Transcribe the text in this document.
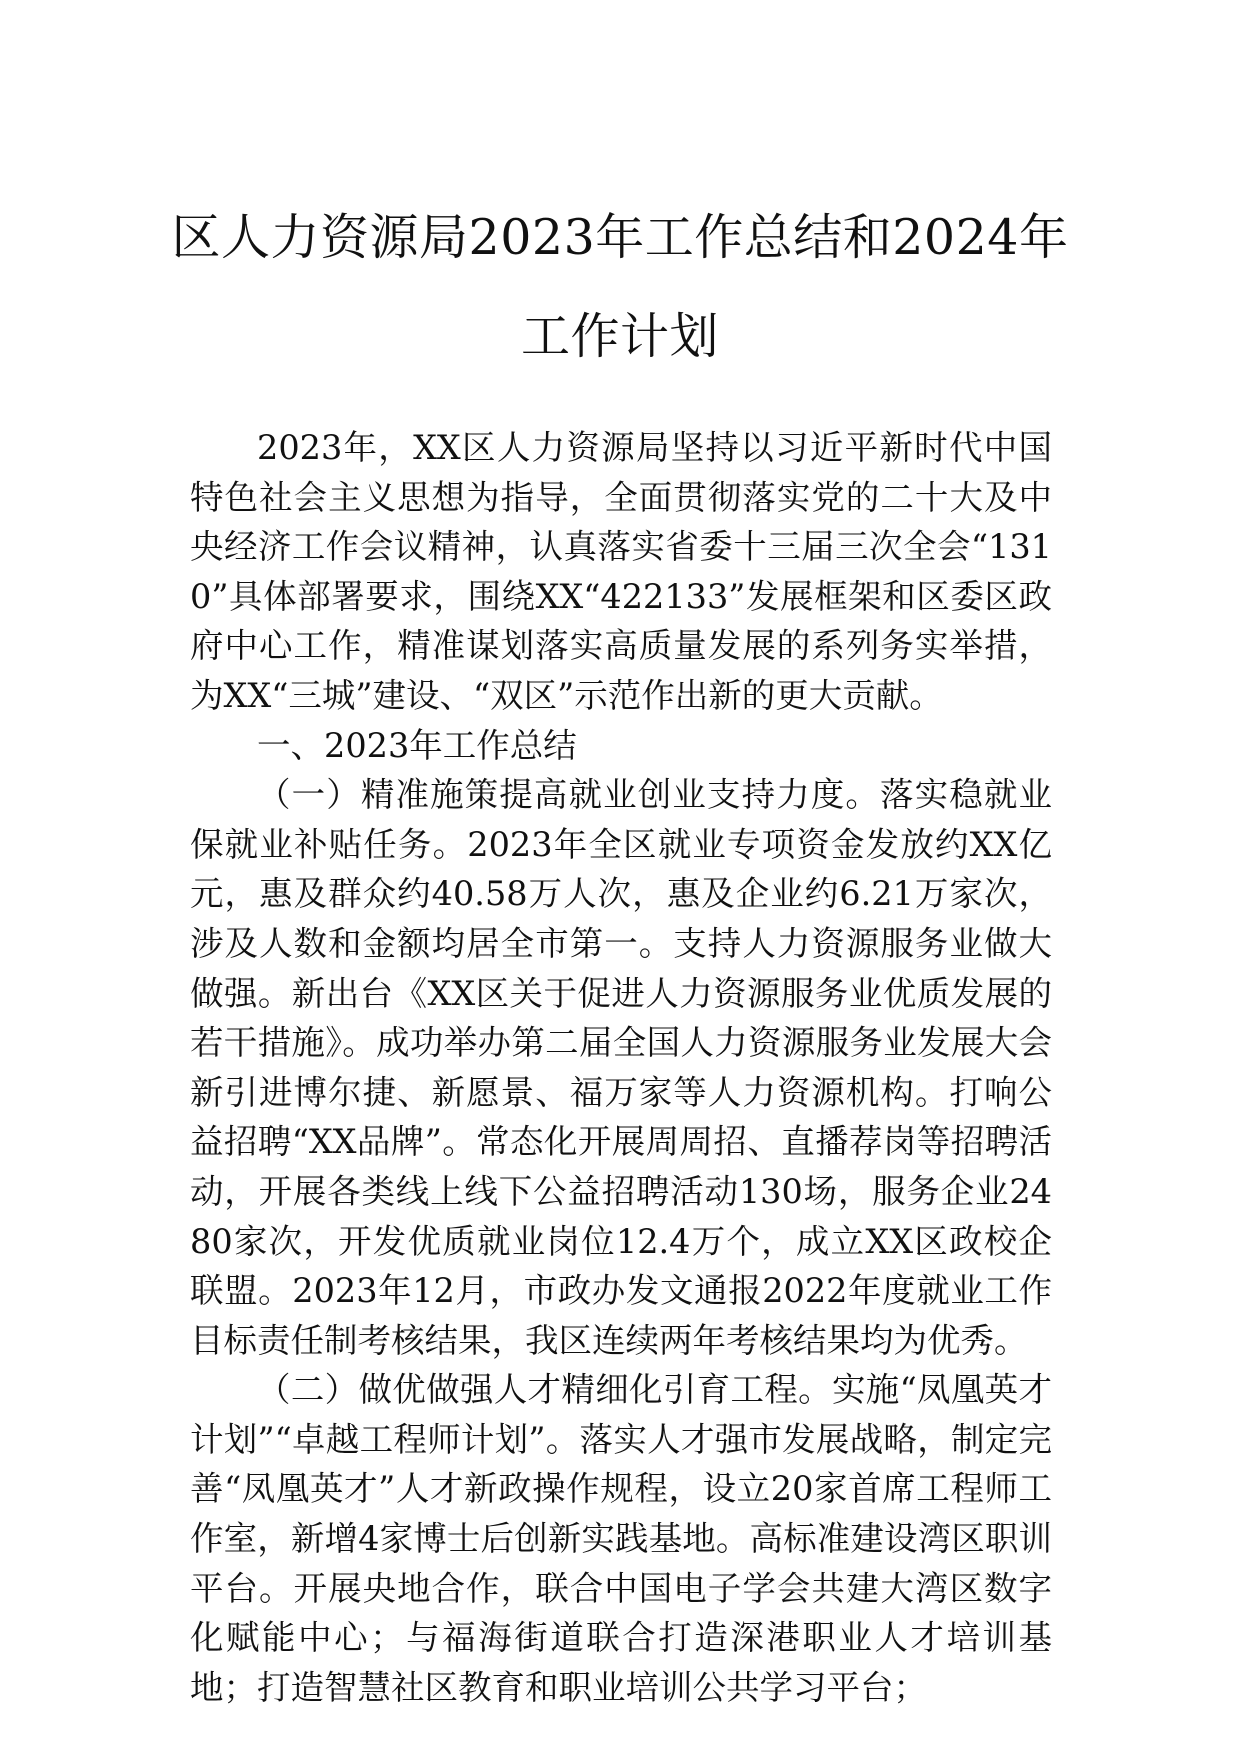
区人力资源局2023年工作总结和2024年工作计划

2023年，XX区人力资源局坚持以习近平新时代中国特色社会主义思想为指导，全面贯彻落实党的二十大及中央经济工作会议精神，认真落实省委十三届三次全会“1310”具体部署要求，围绕XX“422133”发展框架和区委区政府中心工作，精准谋划落实高质量发展的系列务实举措，为XX“三城”建设、“双区”示范作出新的更大贡献。

一、2023年工作总结

（一）精准施策提高就业创业支持力度。落实稳就业保就业补贴任务。2023年全区就业专项资金发放约XX亿元，惠及群众约40.58万人次，惠及企业约6.21万家次，涉及人数和金额均居全市第一。支持人力资源服务业做大做强。新出台《XX区关于促进人力资源服务业优质发展的若干措施》。成功举办第二届全国人力资源服务业发展大会新引进博尔捷、新愿景、福万家等人力资源机构。打响公益招聘“XX品牌”。常态化开展周周招、直播荐岗等招聘活动，开展各类线上线下公益招聘活动130场，服务企业2480家次，开发优质就业岗位12.4万个，成立XX区政校企联盟。2023年12月，市政办发文通报2022年度就业工作目标责任制考核结果，我区连续两年考核结果均为优秀。

（二）做优做强人才精细化引育工程。实施“凤凰英才计划”“卓越工程师计划”。落实人才强市发展战略，制定完善“凤凰英才”人才新政操作规程，设立20家首席工程师工作室，新增4家博士后创新实践基地。高标准建设湾区职训平台。开展央地合作，联合中国电子学会共建大湾区数字化赋能中心；与福海街道联合打造深港职业人才培训基地；打造智慧社区教育和职业培训公共学习平台；
